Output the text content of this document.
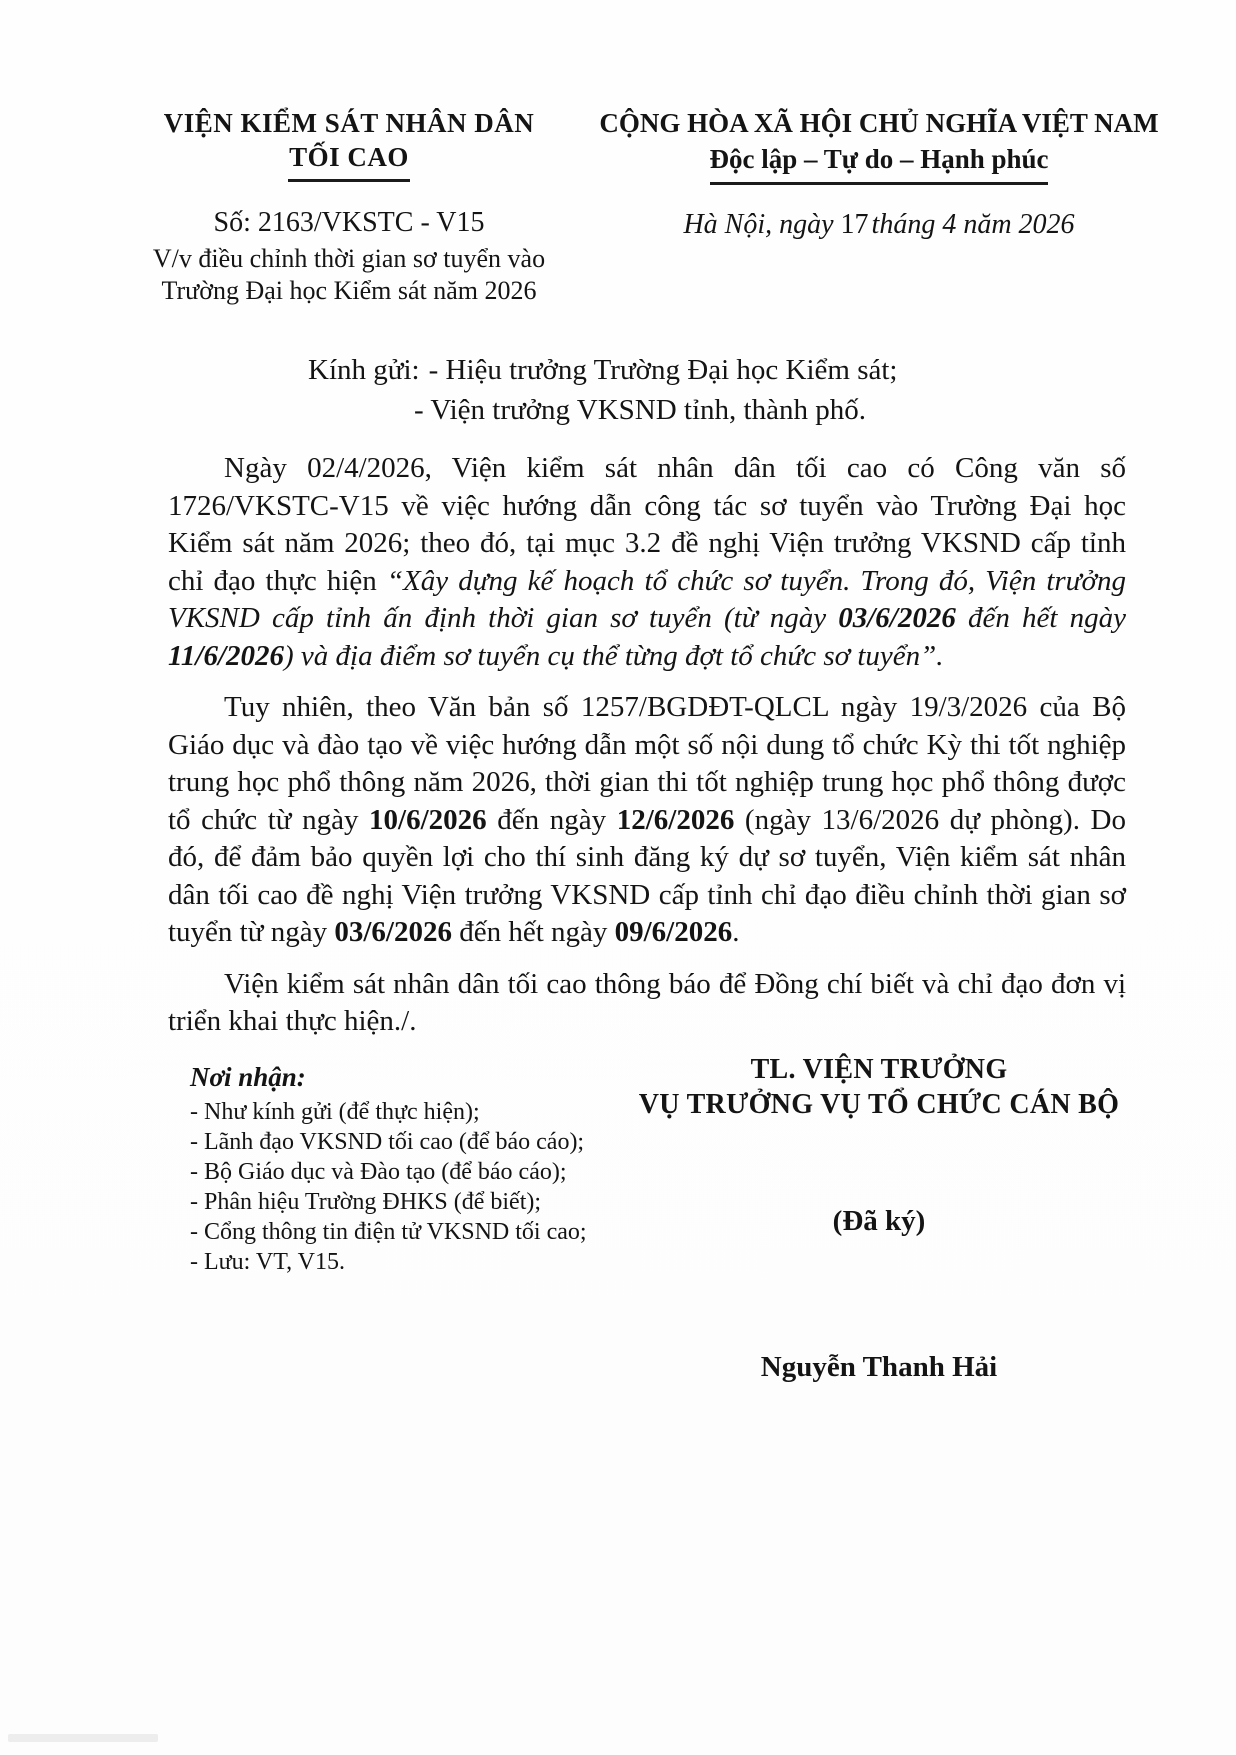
VIỆN KIỂM SÁT NHÂN DÂN
TỐI CAO
Số: 2163/VKSTC - V15
V/v điều chỉnh thời gian sơ tuyển vào
Trường Đại học Kiểm sát năm 2026
CỘNG HÒA XÃ HỘI CHỦ NGHĨA VIỆT NAM
Độc lập – Tự do – Hạnh phúc
Hà Nội, ngày 17 tháng 4 năm 2026
Kính gửi: - Hiệu trưởng Trường Đại học Kiểm sát;
- Viện trưởng VKSND tỉnh, thành phố.

Ngày 02/4/2026, Viện kiểm sát nhân dân tối cao có Công văn số 1726/VKSTC-V15 về việc hướng dẫn công tác sơ tuyển vào Trường Đại học Kiểm sát năm 2026; theo đó, tại mục 3.2 đề nghị Viện trưởng VKSND cấp tỉnh chỉ đạo thực hiện “Xây dựng kế hoạch tổ chức sơ tuyển. Trong đó, Viện trưởng VKSND cấp tỉnh ấn định thời gian sơ tuyển (từ ngày 03/6/2026 đến hết ngày 11/6/2026) và địa điểm sơ tuyển cụ thể từng đợt tổ chức sơ tuyển”.

Tuy nhiên, theo Văn bản số 1257/BGDĐT-QLCL ngày 19/3/2026 của Bộ Giáo dục và đào tạo về việc hướng dẫn một số nội dung tổ chức Kỳ thi tốt nghiệp trung học phổ thông năm 2026, thời gian thi tốt nghiệp trung học phổ thông được tổ chức từ ngày 10/6/2026 đến ngày 12/6/2026 (ngày 13/6/2026 dự phòng). Do đó, để đảm bảo quyền lợi cho thí sinh đăng ký dự sơ tuyển, Viện kiểm sát nhân dân tối cao đề nghị Viện trưởng VKSND cấp tỉnh chỉ đạo điều chỉnh thời gian sơ tuyển từ ngày 03/6/2026 đến hết ngày 09/6/2026.

Viện kiểm sát nhân dân tối cao thông báo để Đồng chí biết và chỉ đạo đơn vị triển khai thực hiện./.

Nơi nhận:
- Như kính gửi (để thực hiện);
- Lãnh đạo VKSND tối cao (để báo cáo);
- Bộ Giáo dục và Đào tạo (để báo cáo);
- Phân hiệu Trường ĐHKS (để biết);
- Cổng thông tin điện tử VKSND tối cao;
- Lưu: VT, V15.
TL. VIỆN TRƯỞNG
VỤ TRƯỞNG VỤ TỔ CHỨC CÁN BỘ
(Đã ký)
Nguyễn Thanh Hải
